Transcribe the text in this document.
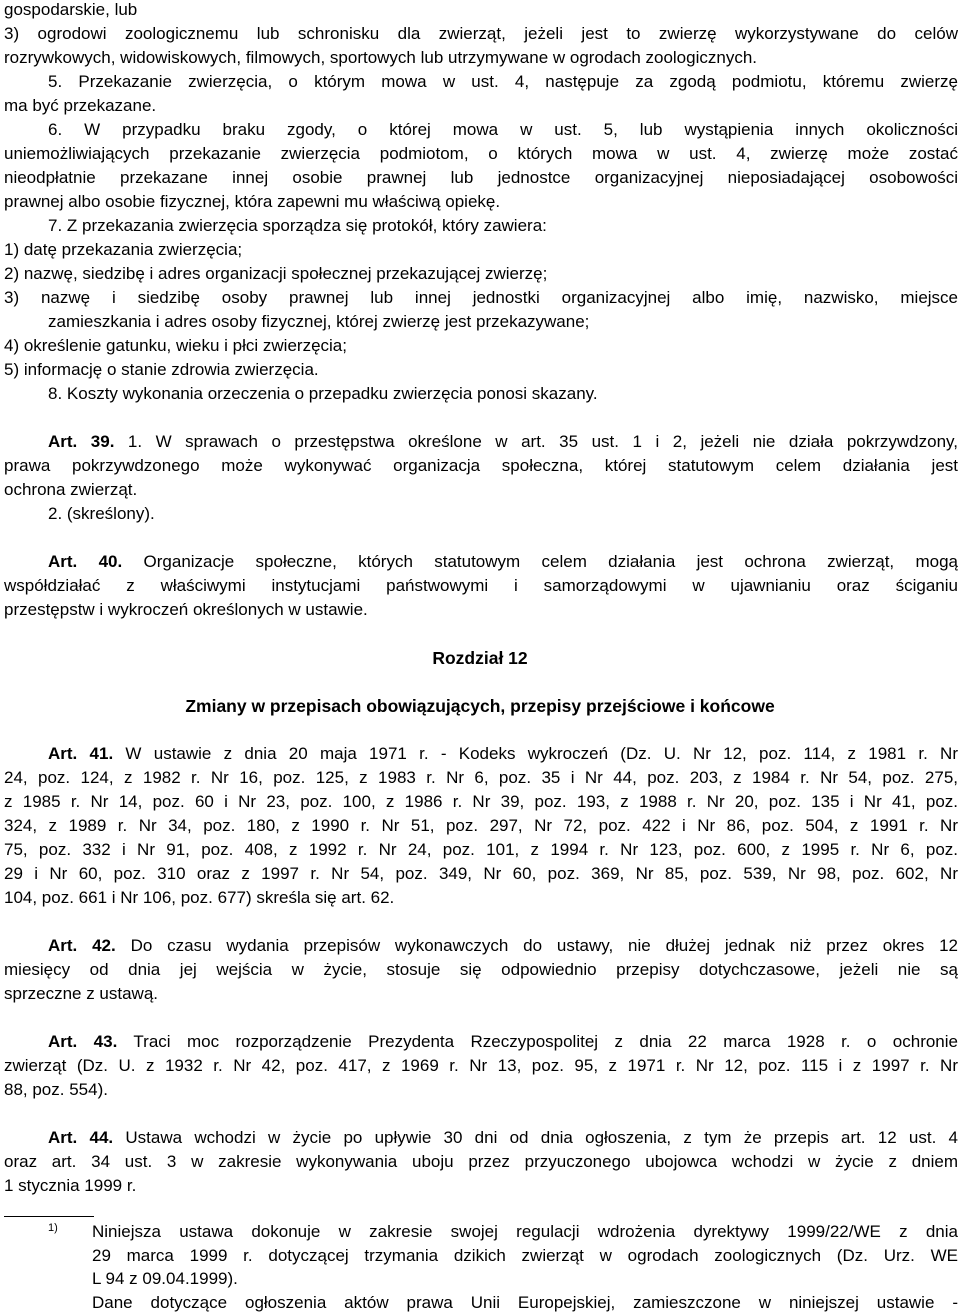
gospodarskie, lub
3) ogrodowi zoologicznemu lub schronisku dla zwierząt, jeżeli jest to zwierzę wykorzystywane do celów
rozrywkowych, widowiskowych, filmowych, sportowych lub utrzymywane w ogrodach zoologicznych.
5. Przekazanie zwierzęcia, o którym mowa w ust. 4, następuje za zgodą podmiotu, któremu zwierzę
ma być przekazane.
6. W przypadku braku zgody, o której mowa w ust. 5, lub wystąpienia innych okoliczności
uniemożliwiających przekazanie zwierzęcia podmiotom, o których mowa w ust. 4, zwierzę może zostać
nieodpłatnie przekazane innej osobie prawnej lub jednostce organizacyjnej nieposiadającej osobowości
prawnej albo osobie fizycznej, która zapewni mu właściwą opiekę.
7. Z przekazania zwierzęcia sporządza się protokół, który zawiera:
1) datę przekazania zwierzęcia;
2) nazwę, siedzibę i adres organizacji społecznej przekazującej zwierzę;
3) nazwę i siedzibę osoby prawnej lub innej jednostki organizacyjnej albo imię, nazwisko, miejsce
zamieszkania i adres osoby fizycznej, której zwierzę jest przekazywane;
4) określenie gatunku, wieku i płci zwierzęcia;
5) informację o stanie zdrowia zwierzęcia.
8. Koszty wykonania orzeczenia o przepadku zwierzęcia ponosi skazany.
Art. 39. 1. W sprawach o przestępstwa określone w art. 35 ust. 1 i 2, jeżeli nie działa pokrzywdzony,
prawa pokrzywdzonego może wykonywać organizacja społeczna, której statutowym celem działania jest
ochrona zwierząt.
2. (skreślony).
Art. 40. Organizacje społeczne, których statutowym celem działania jest ochrona zwierząt, mogą
współdziałać z właściwymi instytucjami państwowymi i samorządowymi w ujawnianiu oraz ściganiu
przestępstw i wykroczeń określonych w ustawie.
Rozdział 12
Zmiany w przepisach obowiązujących, przepisy przejściowe i końcowe
Art. 41. W ustawie z dnia 20 maja 1971 r. - Kodeks wykroczeń (Dz. U. Nr 12, poz. 114, z 1981 r. Nr
24, poz. 124, z 1982 r. Nr 16, poz. 125, z 1983 r. Nr 6, poz. 35 i Nr 44, poz. 203, z 1984 r. Nr 54, poz. 275,
z 1985 r. Nr 14, poz. 60 i Nr 23, poz. 100, z 1986 r. Nr 39, poz. 193, z 1988 r. Nr 20, poz. 135 i Nr 41, poz.
324, z 1989 r. Nr 34, poz. 180, z 1990 r. Nr 51, poz. 297, Nr 72, poz. 422 i Nr 86, poz. 504, z 1991 r. Nr
75, poz. 332 i Nr 91, poz. 408, z 1992 r. Nr 24, poz. 101, z 1994 r. Nr 123, poz. 600, z 1995 r. Nr 6, poz.
29 i Nr 60, poz. 310 oraz z 1997 r. Nr 54, poz. 349, Nr 60, poz. 369, Nr 85, poz. 539, Nr 98, poz. 602, Nr
104, poz. 661 i Nr 106, poz. 677) skreśla się art. 62.
Art. 42. Do czasu wydania przepisów wykonawczych do ustawy, nie dłużej jednak niż przez okres 12
miesięcy od dnia jej wejścia w życie, stosuje się odpowiednio przepisy dotychczasowe, jeżeli nie są
sprzeczne z ustawą.
Art. 43. Traci moc rozporządzenie Prezydenta Rzeczypospolitej z dnia 22 marca 1928 r. o ochronie
zwierząt (Dz. U. z 1932 r. Nr 42, poz. 417, z 1969 r. Nr 13, poz. 95, z 1971 r. Nr 12, poz. 115 i z 1997 r. Nr
88, poz. 554).
Art. 44. Ustawa wchodzi w życie po upływie 30 dni od dnia ogłoszenia, z tym że przepis art. 12 ust. 4
oraz art. 34 ust. 3 w zakresie wykonywania uboju przez przyuczonego ubojowca wchodzi w życie z dniem
1 stycznia 1999 r.
1) Niniejsza ustawa dokonuje w zakresie swojej regulacji wdrożenia dyrektywy 1999/22/WE z dnia
29 marca 1999 r. dotyczącej trzymania dzikich zwierząt w ogrodach zoologicznych (Dz. Urz. WE
L 94 z 09.04.1999).
Dane dotyczące ogłoszenia aktów prawa Unii Europejskiej, zamieszczone w niniejszej ustawie -
